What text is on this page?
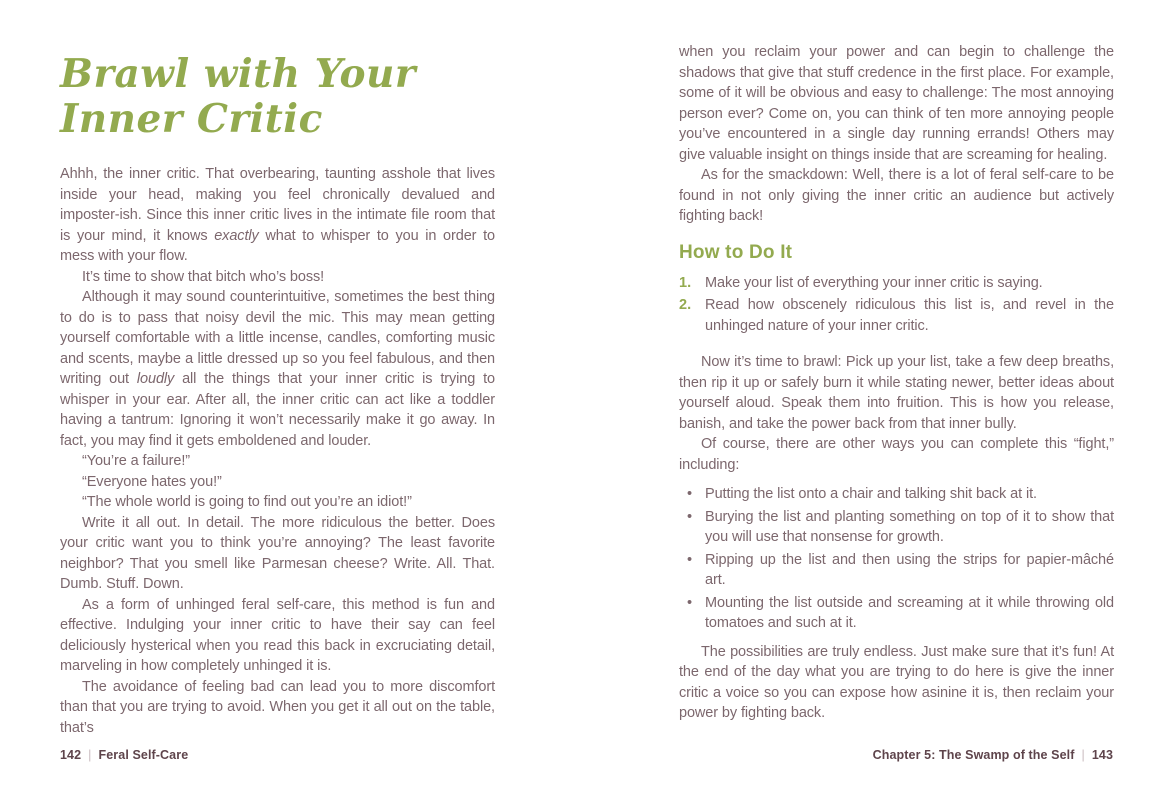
Brawl with Your
Inner Critic

Ahhh, the inner critic. That overbearing, taunting asshole that lives inside your head, making you feel chronically devalued and imposter-ish. Since this inner critic lives in the intimate file room that is your mind, it knows exactly what to whisper to you in order to mess with your flow.

It’s time to show that bitch who’s boss!

Although it may sound counterintuitive, sometimes the best thing to do is to pass that noisy devil the mic. This may mean getting yourself comfortable with a little incense, candles, comforting music and scents, maybe a little dressed up so you feel fabulous, and then writing out loudly all the things that your inner critic is trying to whisper in your ear. After all, the inner critic can act like a toddler having a tantrum: Ignoring it won’t necessarily make it go away. In fact, you may find it gets emboldened and louder.

“You’re a failure!”

“Everyone hates you!”

“The whole world is going to find out you’re an idiot!”

Write it all out. In detail. The more ridiculous the better. Does your critic want you to think you’re annoying? The least favorite neighbor? That you smell like Parmesan cheese? Write. All. That. Dumb. Stuff. Down.

As a form of unhinged feral self-care, this method is fun and effective. Indulging your inner critic to have their say can feel deliciously hysterical when you read this back in excruciating detail, marveling in how completely unhinged it is.

The avoidance of feeling bad can lead you to more discomfort than that you are trying to avoid. When you get it all out on the table, that’s

when you reclaim your power and can begin to challenge the shadows that give that stuff credence in the first place. For example, some of it will be obvious and easy to challenge: The most annoying person ever? Come on, you can think of ten more annoying people you’ve encountered in a single day running errands! Others may give valuable insight on things inside that are screaming for healing.

As for the smackdown: Well, there is a lot of feral self-care to be found in not only giving the inner critic an audience but actively fighting back!

How to Do It
1. Make your list of everything your inner critic is saying.
2. Read how obscenely ridiculous this list is, and revel in the unhinged nature of your inner critic.

Now it’s time to brawl: Pick up your list, take a few deep breaths, then rip it up or safely burn it while stating newer, better ideas about yourself aloud. Speak them into fruition. This is how you release, banish, and take the power back from that inner bully.

Of course, there are other ways you can complete this “fight,” including:

• Putting the list onto a chair and talking shit back at it.
• Burying the list and planting something on top of it to show that you will use that nonsense for growth.
• Ripping up the list and then using the strips for papier-mâché art.
• Mounting the list outside and screaming at it while throwing old tomatoes and such at it.

The possibilities are truly endless. Just make sure that it’s fun! At the end of the day what you are trying to do here is give the inner critic a voice so you can expose how asinine it is, then reclaim your power by fighting back.

142 | Feral Self-Care	Chapter 5: The Swamp of the Self | 143
